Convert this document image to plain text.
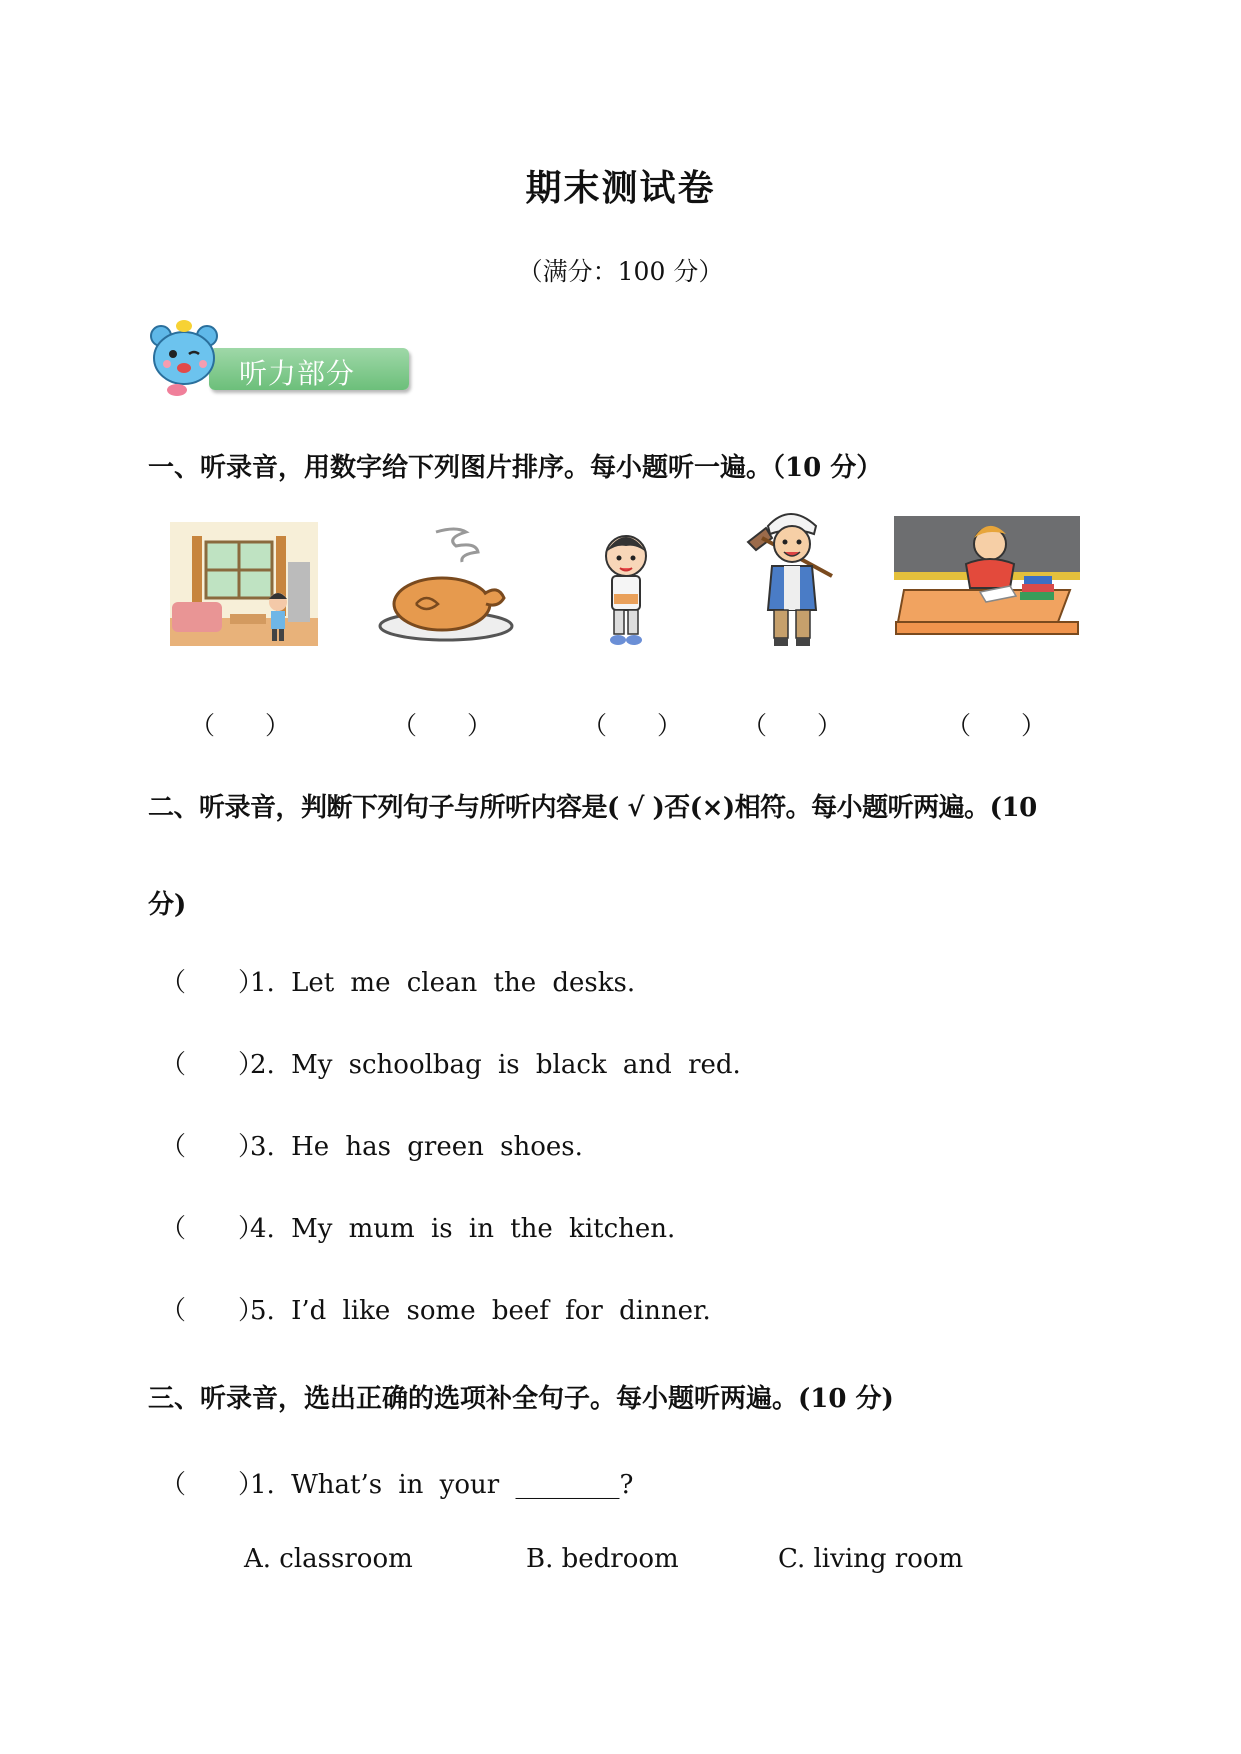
期末测试卷
（满分：100 分）
听力部分
一、听录音，用数字给下列图片排序。每小题听一遍。（10 分）
（　　）	（　　）	（　　） （　　）	（　　）
二、听录音，判断下列句子与所听内容是( √ )否(×)相符。每小题听两遍。(10
分)
（　　）1. Let me clean the desks.
（　　）2. My schoolbag is black and red.
（　　）3. He has green shoes.
（　　）4. My mum is in the kitchen.
（　　）5. I’d like some beef for dinner.
三、听录音，选出正确的选项补全句子。每小题听两遍。(10 分)
（　　）1. What’s in your ________?
A. classroom	B. bedroom	C. living room
